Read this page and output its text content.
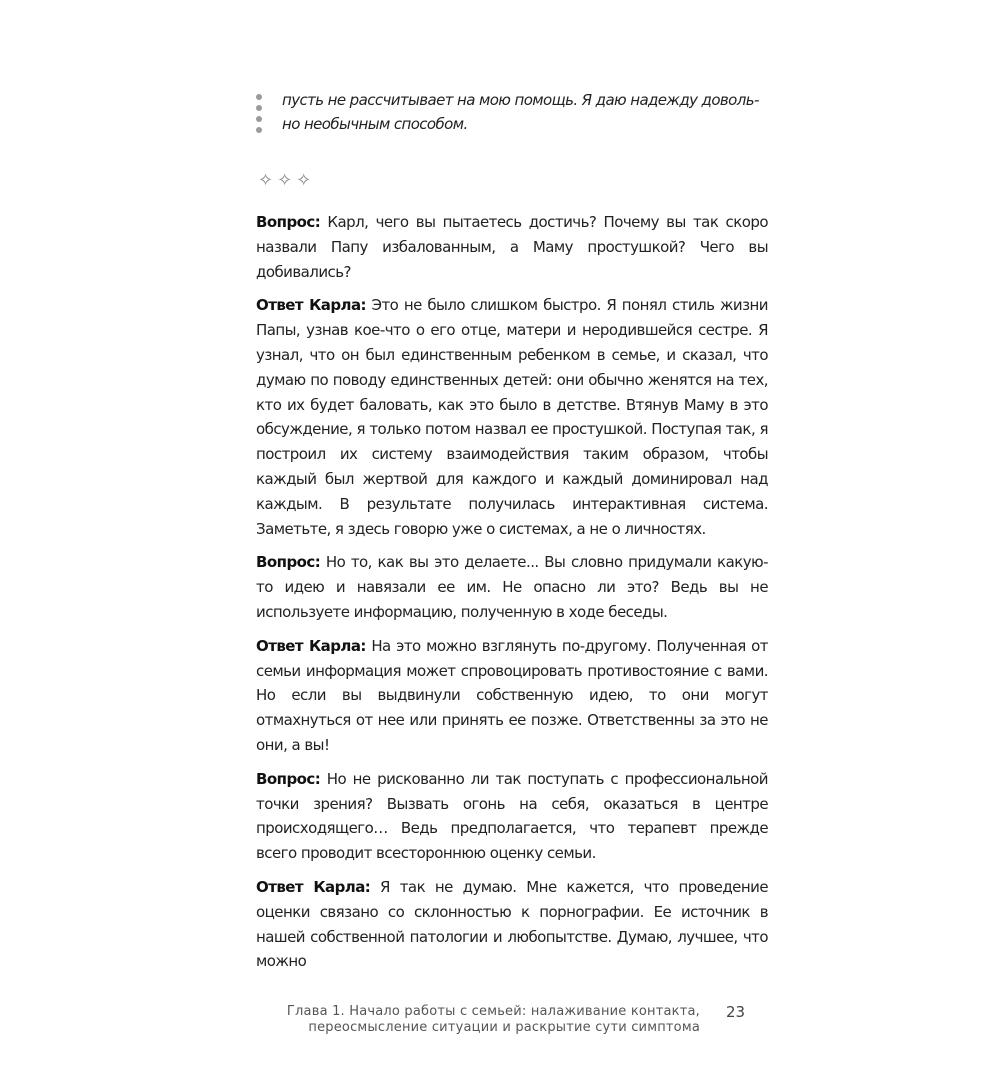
пусть не рассчитывает на мою помощь. Я даю надежду доволь-но необычным способом.
✧✧✧

Вопрос: Карл, чего вы пытаетесь достичь? Почему вы так скоро назвали Папу избалованным, а Маму простушкой? Чего вы добивались?

Ответ Карла: Это не было слишком быстро. Я понял стиль жизни Папы, узнав кое-что о его отце, матери и неродившейся сестре. Я узнал, что он был единственным ребенком в семье, и сказал, что думаю по поводу единственных детей: они обычно женятся на тех, кто их будет баловать, как это было в детстве. Втянув Маму в это обсуждение, я только потом назвал ее простушкой. Поступая так, я построил их систему взаимодействия таким образом, чтобы каждый был жертвой для каждого и каждый доминировал над каждым. В результате получилась интерактивная система. Заметьте, я здесь говорю уже о системах, а не о личностях.

Вопрос: Но то, как вы это делаете... Вы словно придумали какую-то идею и навязали ее им. Не опасно ли это? Ведь вы не используете информацию, полученную в ходе беседы.

Ответ Карла: На это можно взглянуть по-другому. Полученная от семьи информация может спровоцировать противостояние с вами. Но если вы выдвинули собственную идею, то они могут отмахнуться от нее или принять ее позже. Ответственны за это не они, а вы!

Вопрос: Но не рискованно ли так поступать с профессиональной точки зрения? Вызвать огонь на себя, оказаться в центре происходящего… Ведь предполагается, что терапевт прежде всего проводит всестороннюю оценку семьи.

Ответ Карла: Я так не думаю. Мне кажется, что проведение оценки связано со склонностью к порнографии. Ее источник в нашей собственной патологии и любопытстве. Думаю, лучшее, что можно

Глава 1. Начало работы с семьей: налаживание контакта,
переосмысление ситуации и раскрытие сути симптома
23
